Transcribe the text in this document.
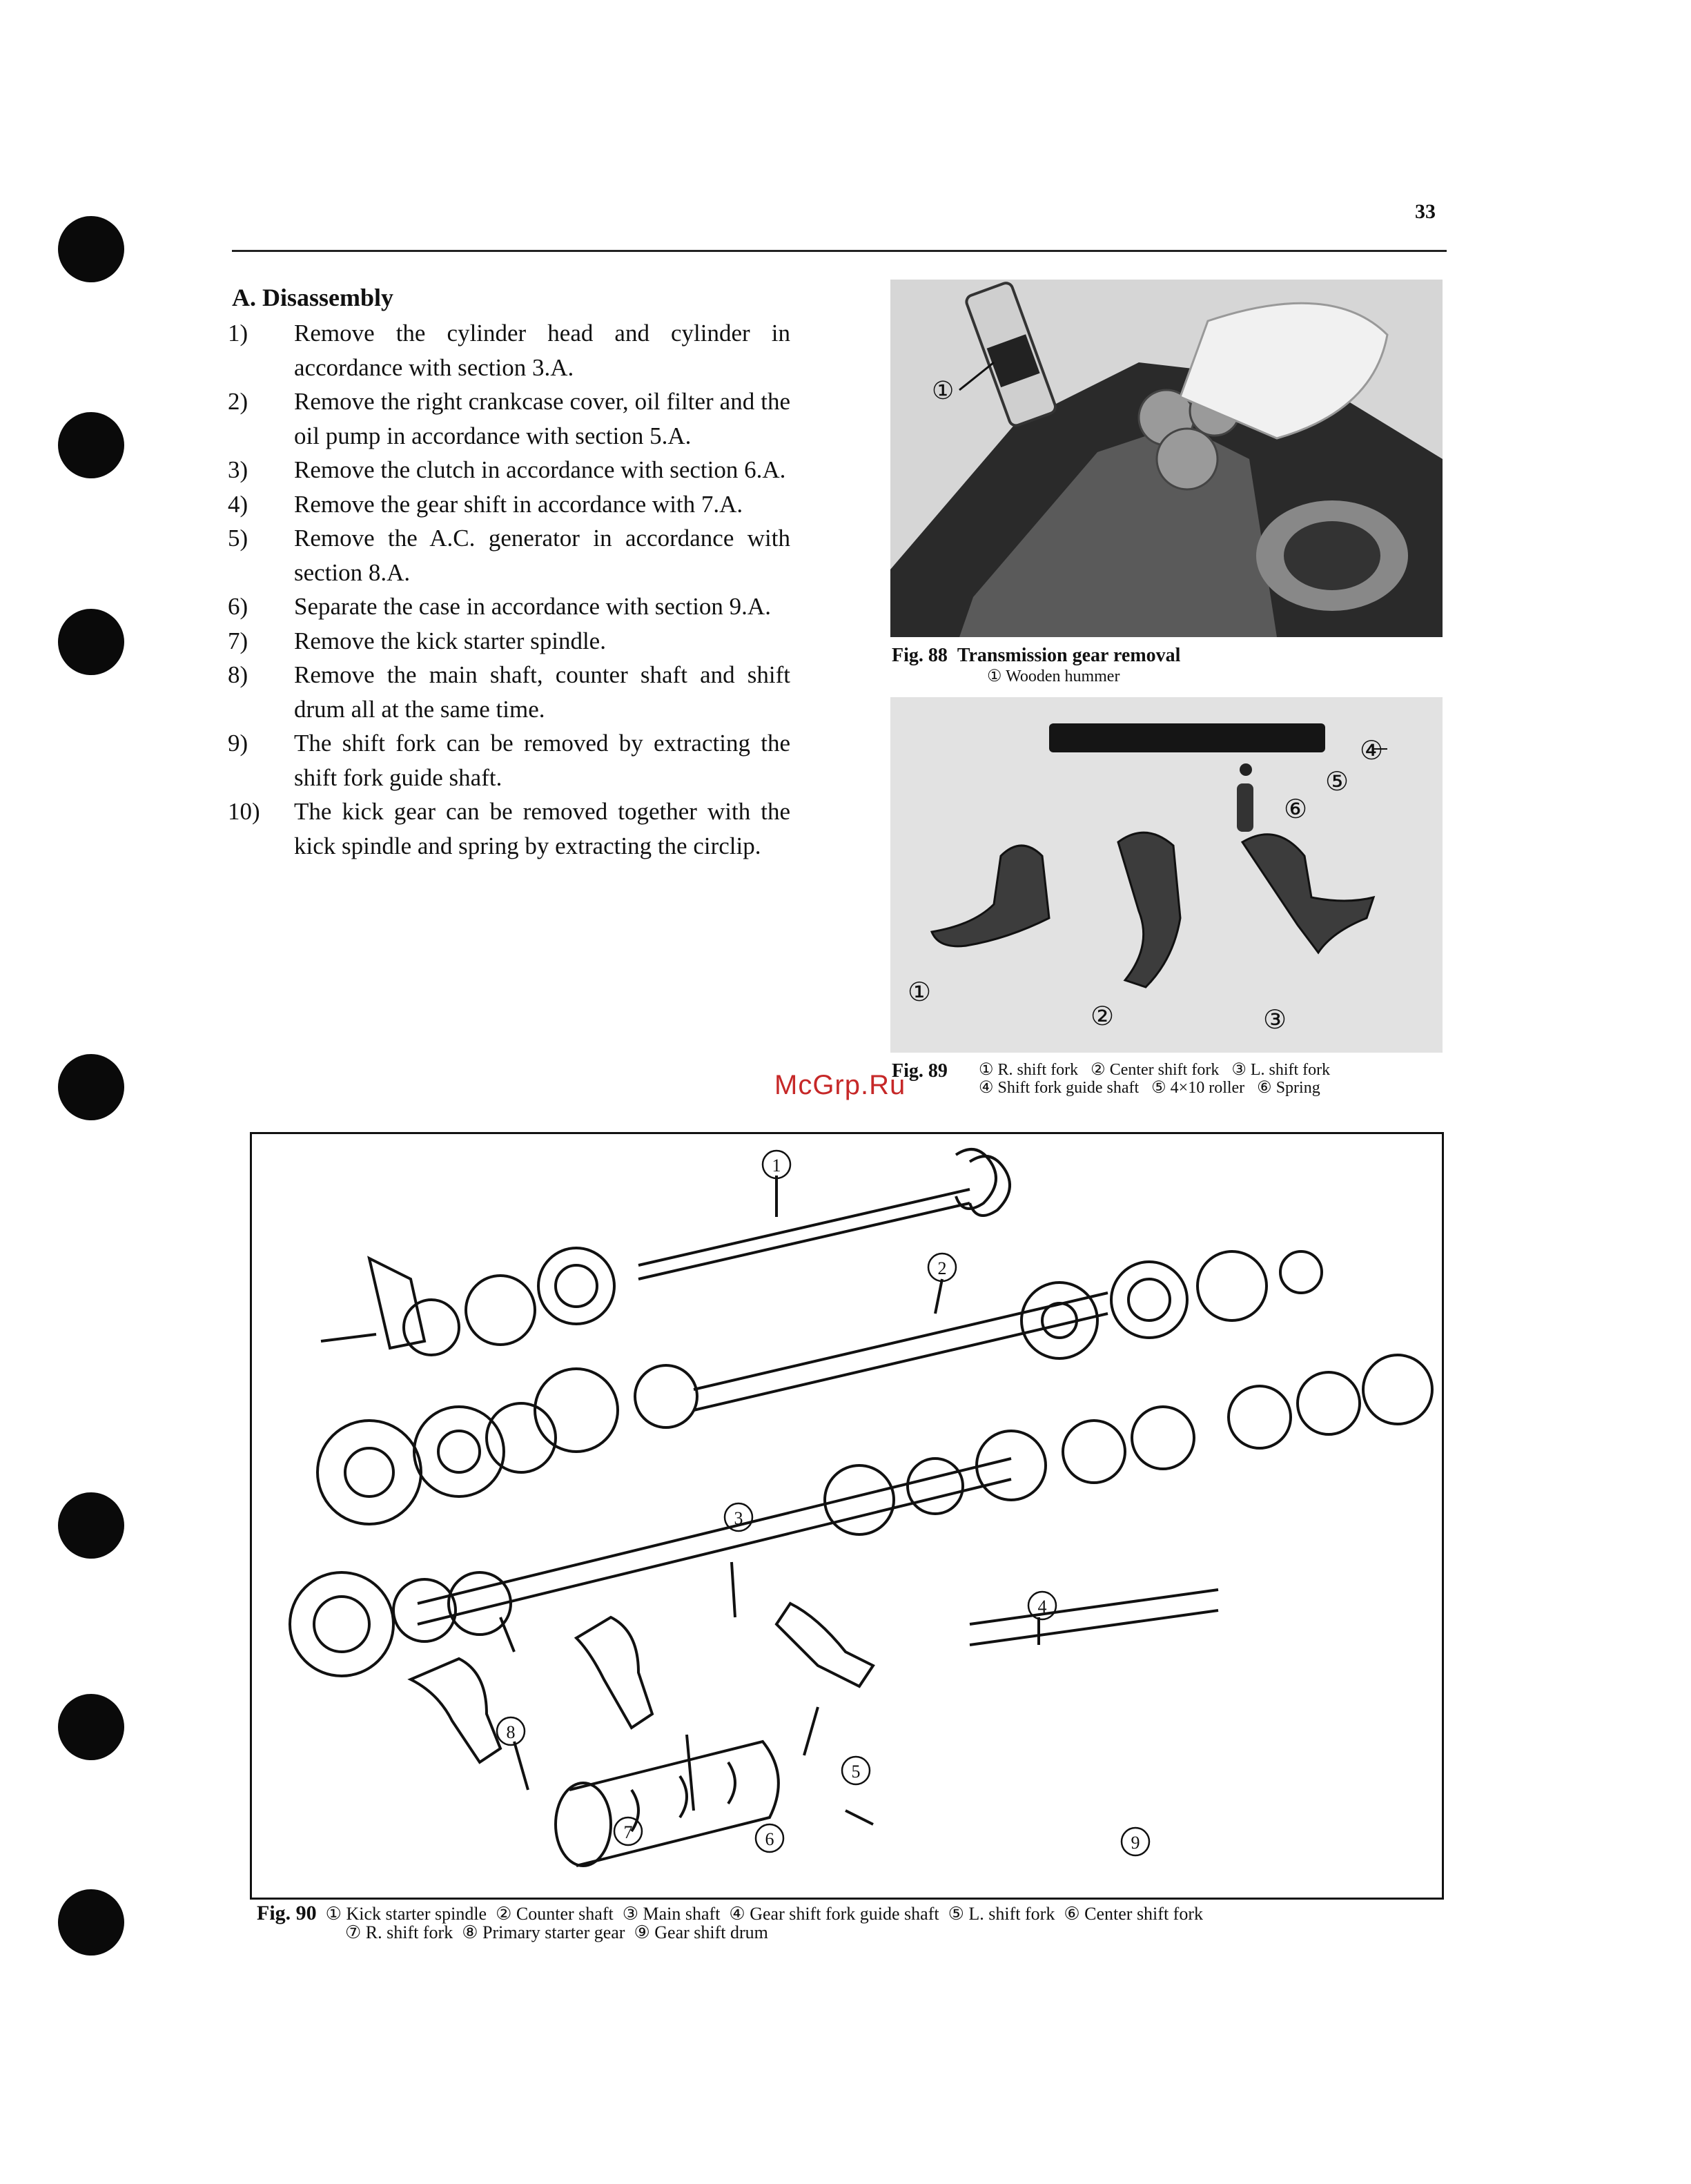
33
A. Disassembly
1)	Remove the cylinder head and cylinder in accordance with section 3.A.
2)	Remove the right crankcase cover, oil filter and the oil pump in accordance with section 5.A.
3)	Remove the clutch in accordance with section 6.A.
4)	Remove the gear shift in accordance with 7.A.
5)	Remove the A.C. generator in accordance with section 8.A.
6)	Separate the case in accordance with section 9.A.
7)	Remove the kick starter spindle.
8)	Remove the main shaft, counter shaft and shift drum all at the same time.
9)	The shift fork can be removed by extracting the shift fork guide shaft.
10)	The kick gear can be removed together with the kick spindle and spring by extracting the circlip.
①
Fig. 88 Transmission gear removal
① Wooden hummer
④
⑤
⑥
①
②	③
Fig. 89 ① R. shift fork   ② Center shift fork   ③ L. shift fork
④ Shift fork guide shaft   ⑤ 4×10 roller   ⑥ Spring
McGrp.Ru
1
2
3
4
5
6
7
8
9
Fig. 90 ① Kick starter spindle  ② Counter shaft  ③ Main shaft  ④ Gear shift fork guide shaft  ⑤ L. shift fork  ⑥ Center shift fork
⑦ R. shift fork  ⑧ Primary starter gear  ⑨ Gear shift drum
